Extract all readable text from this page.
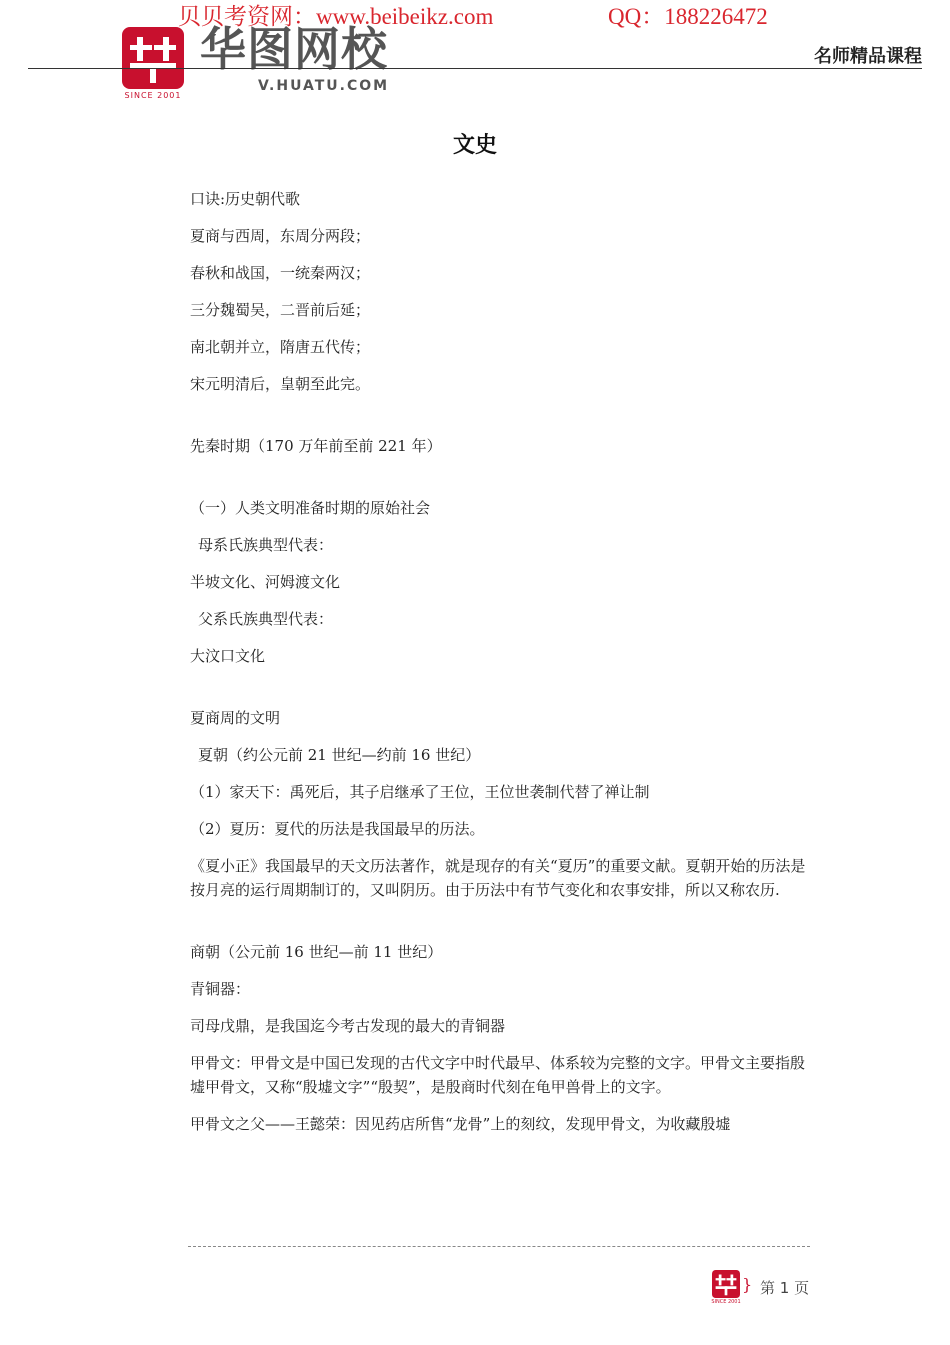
贝贝考资网：www.beibeikz.com	QQ：188226472
SINCE 2001
华图网校
V.HUATU.COM
名师精品课程
文史

口诀:历史朝代歌

夏商与西周，东周分两段；

春秋和战国，一统秦两汉；

三分魏蜀吴，二晋前后延；

南北朝并立，隋唐五代传；

宋元明清后，皇朝至此完。

先秦时期（170 万年前至前 221 年）

（一）人类文明准备时期的原始社会

母系氏族典型代表：

半坡文化、河姆渡文化

父系氏族典型代表：

大汶口文化

夏商周的文明

夏朝（约公元前 21 世纪—约前 16 世纪）

（1）家天下：禹死后，其子启继承了王位，王位世袭制代替了禅让制

（2）夏历：夏代的历法是我国最早的历法。

《夏小正》我国最早的天文历法著作，就是现存的有关“夏历”的重要文献。夏朝开始的历法是按月亮的运行周期制订的，又叫阴历。由于历法中有节气变化和农事安排，所以又称农历.

商朝（公元前 16 世纪—前 11 世纪）

青铜器：

司母戊鼎，是我国迄今考古发现的最大的青铜器

甲骨文：甲骨文是中国已发现的古代文字中时代最早、体系较为完整的文字。甲骨文主要指殷墟甲骨文，又称“殷墟文字”“殷契”，是殷商时代刻在龟甲兽骨上的文字。

甲骨文之父——王懿荣：因见药店所售“龙骨”上的刻纹，发现甲骨文，为收藏殷墟

SINCE 2001
} 第 1 页
